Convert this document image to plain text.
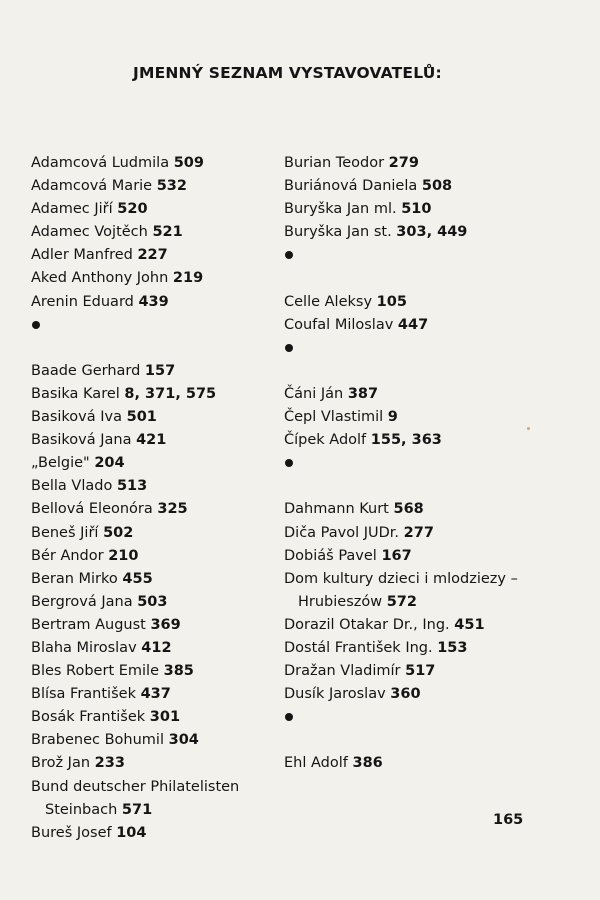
JMENNÝ SEZNAM VYSTAVOVATELŮ:
Adamcová Ludmila 509
Adamcová Marie 532
Adamec Jiří 520
Adamec Vojtěch 521
Adler Manfred 227
Aked Anthony John 219
Arenin Eduard 439
Baade Gerhard 157
Basika Karel 8, 371, 575
Basiková Iva 501
Basiková Jana 421
„Belgie" 204
Bella Vlado 513
Bellová Eleonóra 325
Beneš Jiří 502
Bér Andor 210
Beran Mirko 455
Bergrová Jana 503
Bertram August 369
Blaha Miroslav 412
Bles Robert Emile 385
Blísa František 437
Bosák František 301
Brabenec Bohumil 304
Brož Jan 233
Bund deutscher Philatelisten
Steinbach 571
Bureš Josef 104
Burian Teodor 279
Buriánová Daniela 508
Buryška Jan ml. 510
Buryška Jan st. 303, 449
Celle Aleksy 105
Coufal Miloslav 447
Čáni Ján 387
Čepl Vlastimil 9
Čípek Adolf 155, 363
Dahmann Kurt 568
Diča Pavol JUDr. 277
Dobiáš Pavel 167
Dom kultury dzieci i mlodziezy –
Hrubieszów 572
Dorazil Otakar Dr., Ing. 451
Dostál František Ing. 153
Dražan Vladimír 517
Dusík Jaroslav 360
Ehl Adolf 386
165
